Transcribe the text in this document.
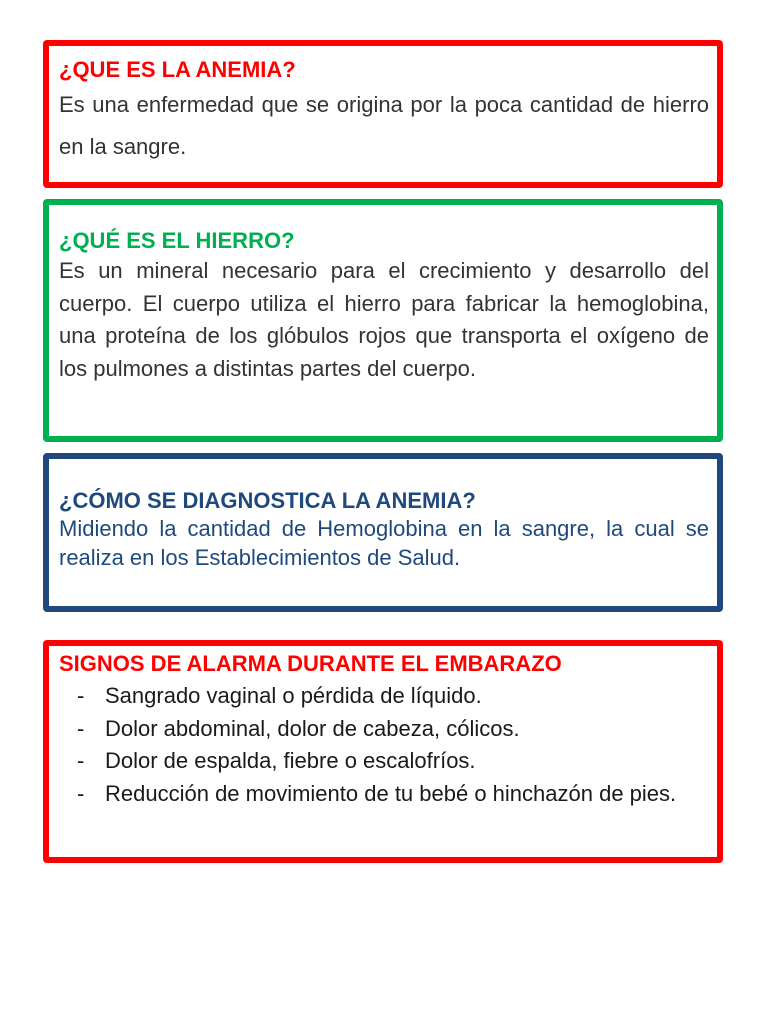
¿QUE ES LA ANEMIA?

Es una enfermedad que se origina por la poca cantidad de hierro en la sangre.

¿QUÉ ES EL HIERRO?

Es un mineral necesario para el crecimiento y desarrollo del cuerpo. El cuerpo utiliza el hierro para fabricar la hemoglobina, una proteína de los glóbulos rojos que transporta el oxígeno de los pulmones a distintas partes del cuerpo.

¿CÓMO SE DIAGNOSTICA LA ANEMIA?

Midiendo la cantidad de Hemoglobina en la sangre, la cual se realiza en los Establecimientos de Salud.

SIGNOS DE ALARMA DURANTE EL EMBARAZO
- Sangrado vaginal o pérdida de líquido.
- Dolor abdominal, dolor de cabeza, cólicos.
- Dolor de espalda, fiebre o escalofríos.
- Reducción de movimiento de tu bebé o hinchazón de pies.
